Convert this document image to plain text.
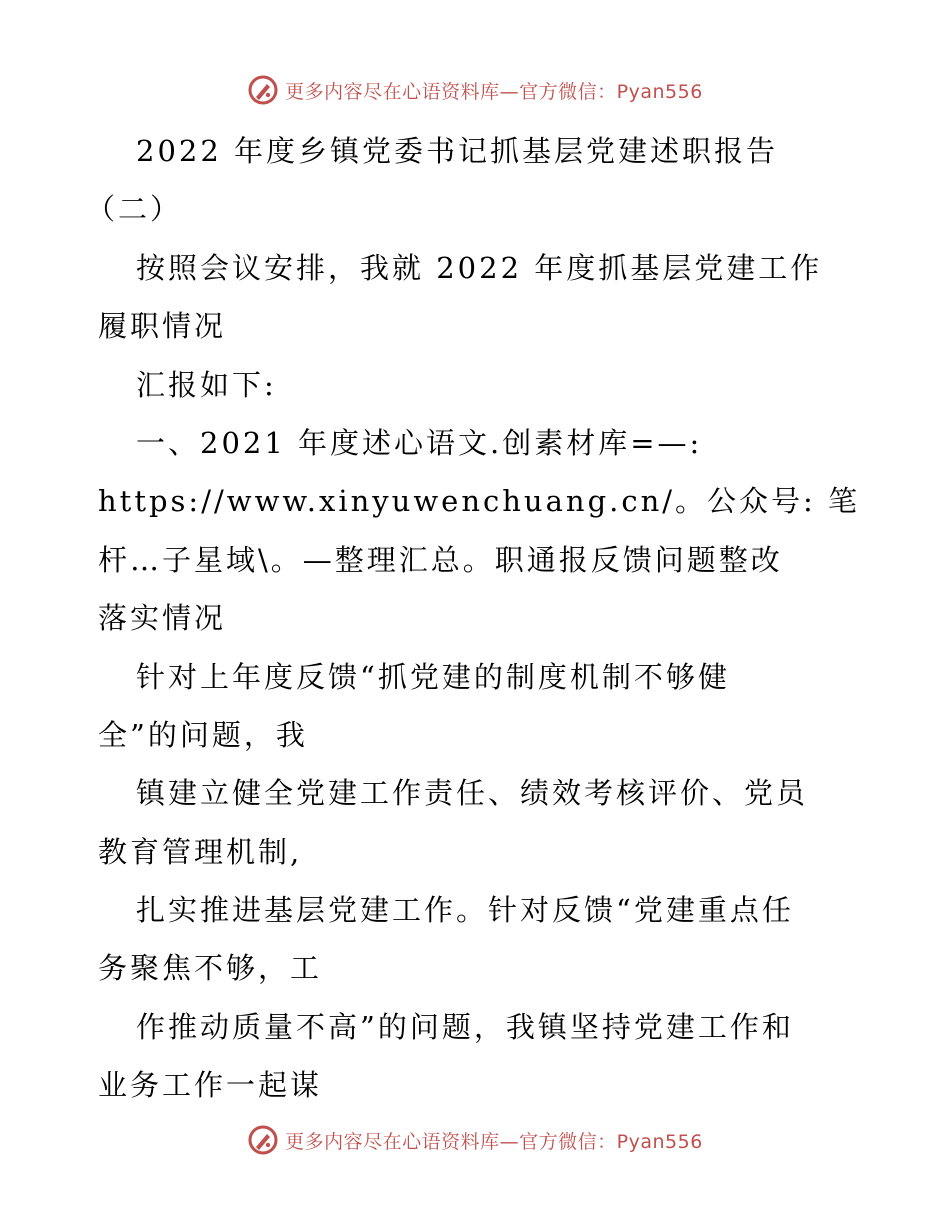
更多内容尽在心语资料库—官方微信：Pyan556
2022 年度乡镇党委书记抓基层党建述职报告
（二）
按照会议安排，我就 2022 年度抓基层党建工作
履职情况
汇报如下:
一、2021 年度述心语文.创素材库=—:
https://www.xinyuwenchuang.cn/。公众号: 笔
杆…子星域\。—整理汇总。职通报反馈问题整改
落实情况
针对上年度反馈“抓党建的制度机制不够健
全”的问题，我
镇建立健全党建工作责任、绩效考核评价、党员
教育管理机制,
扎实推进基层党建工作。针对反馈“党建重点任
务聚焦不够，工
作推动质量不高”的问题，我镇坚持党建工作和
业务工作一起谋
更多内容尽在心语资料库—官方微信：Pyan556
